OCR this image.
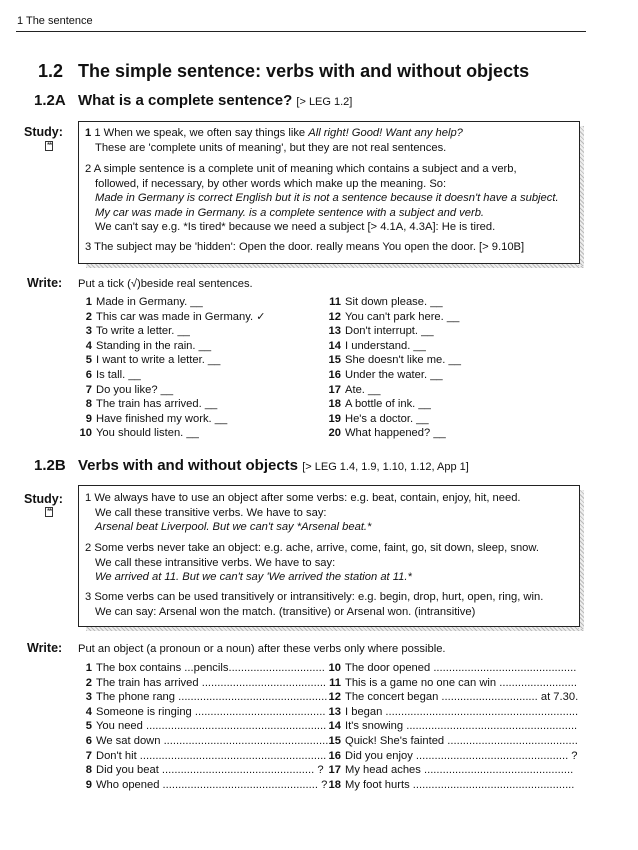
1 The sentence
1.2 The simple sentence: verbs with and without objects
1.2A What is a complete sentence? [> LEG 1.2]
Study:
**
1 1 When we speak, we often say things like All right! Good! Want any help?
These are 'complete units of meaning', but they are not real sentences.
2 A simple sentence is a complete unit of meaning which contains a subject and a verb,
followed, if necessary, by other words which make up the meaning. So:
Made in Germany is correct English but it is not a sentence because it doesn't have a subject.
My car was made in Germany. is a complete sentence with a subject and verb.
We can't say e.g. *Is tired* because we need a subject [> 4.1A, 4.3A]: He is tired.
3 The subject may be 'hidden': Open the door. really means You open the door. [> 9.10B]
Write: Put a tick (√)beside real sentences.
1 Made in Germany. __
2 This car was made in Germany. ✓
3 To write a letter. __
4 Standing in the rain. __
5 I want to write a letter. __
6 Is tall. __
7 Do you like? __
8 The train has arrived. __
9 Have finished my work. __
10 You should listen. __
11 Sit down please. __
12 You can't park here. __
13 Don't interrupt. __
14 I understand. __
15 She doesn't like me. __
16 Under the water. __
17 Ate. __
18 A bottle of ink. __
19 He's a doctor. __
20 What happened? __
1.2B Verbs with and without objects [> LEG 1.4, 1.9, 1.10, 1.12, App 1]
Study:
**
1 We always have to use an object after some verbs: e.g. beat, contain, enjoy, hit, need.
We call these transitive verbs. We have to say:
Arsenal beat Liverpool. But we can't say *Arsenal beat.*
2 Some verbs never take an object: e.g. ache, arrive, come, faint, go, sit down, sleep, snow.
We call these intransitive verbs. We have to say:
We arrived at 11. But we can't say 'We arrived the station at 11.*
3 Some verbs can be used transitively or intransitively: e.g. begin, drop, hurt, open, ring, win.
We can say: Arsenal won the match. (transitive) or Arsenal won. (intransitive)
Write: Put an object (a pronoun or a noun) after these verbs only where possible.
1 The box contains ...pencils...............................
2 The train has arrived ........................................
3 The phone rang ................................................
4 Someone is ringing ..........................................
5 You need ..........................................................
6 We sat down .....................................................
7 Don't hit ............................................................
8 Did you beat ................................................. ?
9 Who opened .................................................. ?
10 The door opened ..............................................
11 This is a game no one can win .........................
12 The concert began ............................... at 7.30.
13 I began ..............................................................
14 It's snowing .......................................................
15 Quick! She's fainted ..........................................
16 Did you enjoy ................................................. ?
17 My head aches ................................................
18 My foot hurts ....................................................
